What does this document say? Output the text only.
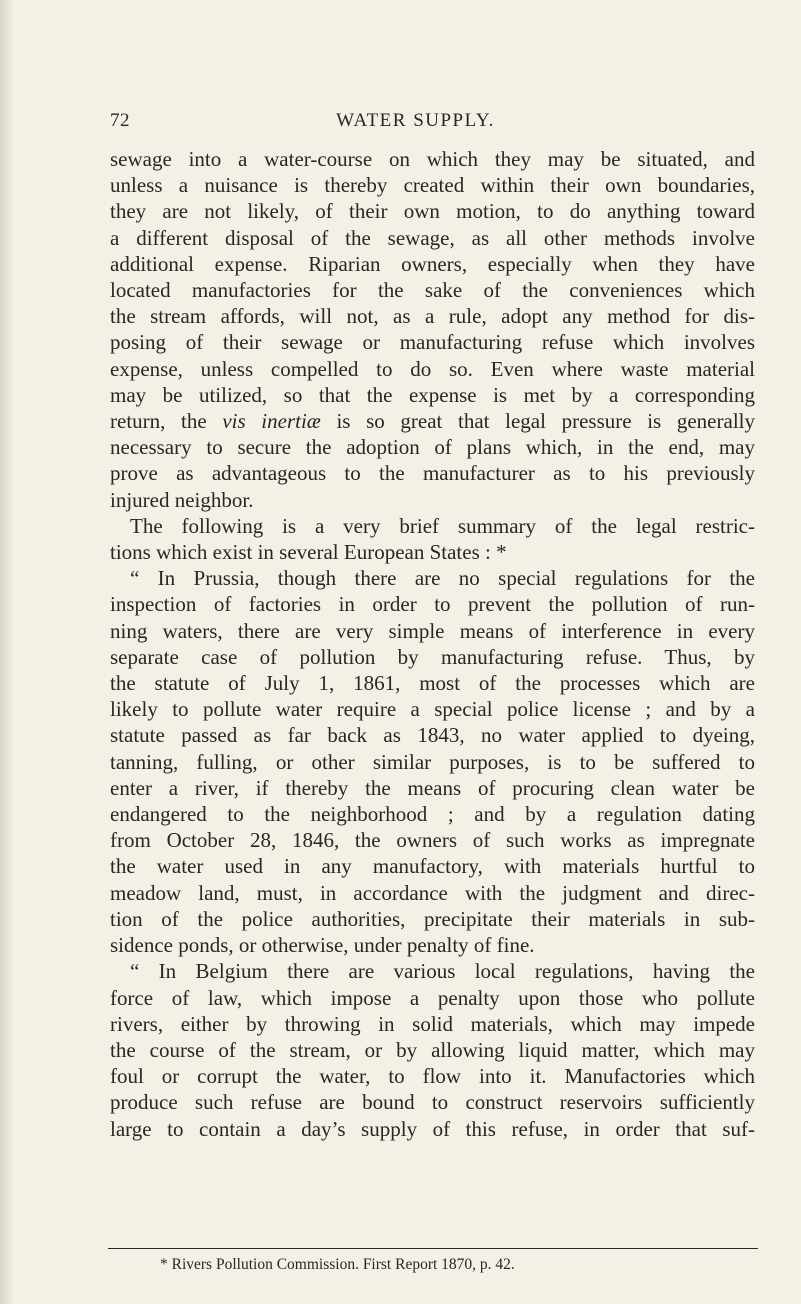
72	WATER SUPPLY.
sewage into a water-course on which they may be situated, and
unless a nuisance is thereby created within their own boundaries,
they are not likely, of their own motion, to do anything toward
a different disposal of the sewage, as all other methods involve
additional expense. Riparian owners, especially when they have
located manufactories for the sake of the conveniences which
the stream affords, will not, as a rule, adopt any method for dis-
posing of their sewage or manufacturing refuse which involves
expense, unless compelled to do so. Even where waste material
may be utilized, so that the expense is met by a corresponding
return, the vis inertiæ is so great that legal pressure is generally
necessary to secure the adoption of plans which, in the end, may
prove as advantageous to the manufacturer as to his previously
injured neighbor.
The following is a very brief summary of the legal restric-
tions which exist in several European States : *
“ In Prussia, though there are no special regulations for the
inspection of factories in order to prevent the pollution of run-
ning waters, there are very simple means of interference in every
separate case of pollution by manufacturing refuse. Thus, by
the statute of July 1, 1861, most of the processes which are
likely to pollute water require a special police license ; and by a
statute passed as far back as 1843, no water applied to dyeing,
tanning, fulling, or other similar purposes, is to be suffered to
enter a river, if thereby the means of procuring clean water be
endangered to the neighborhood ; and by a regulation dating
from October 28, 1846, the owners of such works as impregnate
the water used in any manufactory, with materials hurtful to
meadow land, must, in accordance with the judgment and direc-
tion of the police authorities, precipitate their materials in sub-
sidence ponds, or otherwise, under penalty of fine.
“ In Belgium there are various local regulations, having the
force of law, which impose a penalty upon those who pollute
rivers, either by throwing in solid materials, which may impede
the course of the stream, or by allowing liquid matter, which may
foul or corrupt the water, to flow into it. Manufactories which
produce such refuse are bound to construct reservoirs sufficiently
large to contain a day’s supply of this refuse, in order that suf-
* Rivers Pollution Commission. First Report 1870, p. 42.
